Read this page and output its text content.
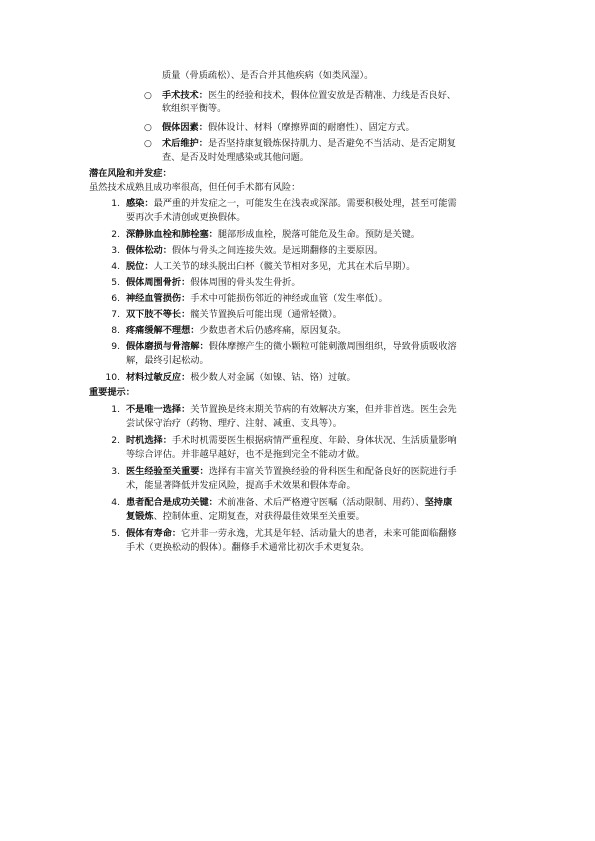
质量（骨质疏松）、是否合并其他疾病（如类风湿）。
○ 手术技术：医生的经验和技术，假体位置安放是否精准、力线是否良好、
软组织平衡等。
○ 假体因素：假体设计、材料（摩擦界面的耐磨性）、固定方式。
○ 术后维护：是否坚持康复锻炼保持肌力、是否避免不当活动、是否定期复
查、是否及时处理感染或其他问题。
潜在风险和并发症：
虽然技术成熟且成功率很高，但任何手术都有风险：
1. 感染：最严重的并发症之一，可能发生在浅表或深部。需要积极处理，甚至可能需
要再次手术清创或更换假体。
2. 深静脉血栓和肺栓塞：腿部形成血栓，脱落可能危及生命。预防是关键。
3. 假体松动：假体与骨头之间连接失效。是远期翻修的主要原因。
4. 脱位：人工关节的球头脱出臼杯（髋关节相对多见，尤其在术后早期）。
5. 假体周围骨折：假体周围的骨头发生骨折。
6. 神经血管损伤：手术中可能损伤邻近的神经或血管（发生率低）。
7. 双下肢不等长：髋关节置换后可能出现（通常轻微）。
8. 疼痛缓解不理想：少数患者术后仍感疼痛，原因复杂。
9. 假体磨损与骨溶解：假体摩擦产生的微小颗粒可能刺激周围组织，导致骨质吸收溶
解，最终引起松动。
10. 材料过敏反应：极少数人对金属（如镍、钴、铬）过敏。
重要提示：
1. 不是唯一选择：关节置换是终末期关节病的有效解决方案，但并非首选。医生会先
尝试保守治疗（药物、理疗、注射、减重、支具等）。
2. 时机选择：手术时机需要医生根据病情严重程度、年龄、身体状况、生活质量影响
等综合评估。并非越早越好，也不是拖到完全不能动才做。
3. 医生经验至关重要：选择有丰富关节置换经验的骨科医生和配备良好的医院进行手
术，能显著降低并发症风险，提高手术效果和假体寿命。
4. 患者配合是成功关键：术前准备、术后严格遵守医嘱（活动限制、用药）、坚持康
复锻炼、控制体重、定期复查，对获得最佳效果至关重要。
5. 假体有寿命：它并非一劳永逸，尤其是年轻、活动量大的患者，未来可能面临翻修
手术（更换松动的假体）。翻修手术通常比初次手术更复杂。
